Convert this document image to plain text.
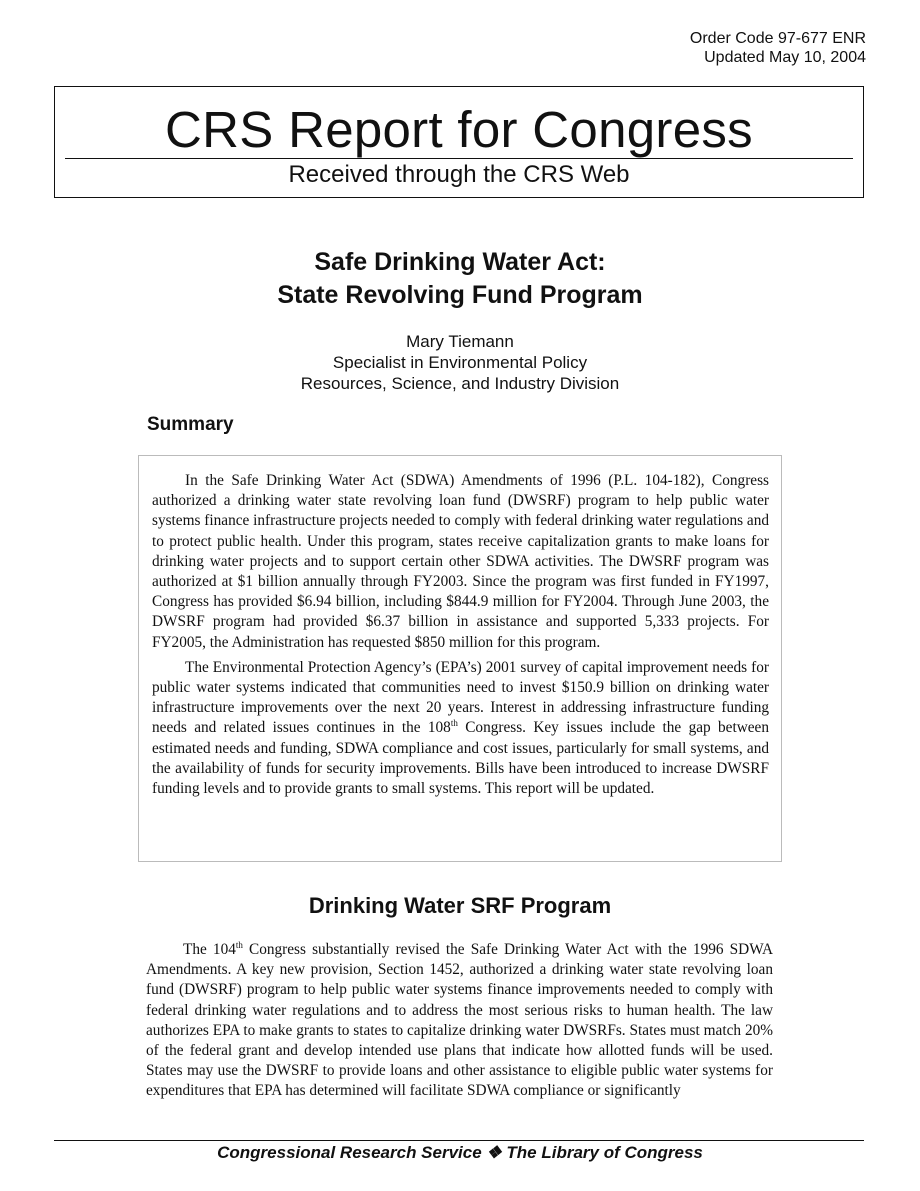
Order Code 97-677 ENR
Updated May 10, 2004
CRS Report for Congress
Received through the CRS Web
Safe Drinking Water Act:
State Revolving Fund Program
Mary Tiemann
Specialist in Environmental Policy
Resources, Science, and Industry Division
Summary

In the Safe Drinking Water Act (SDWA) Amendments of 1996 (P.L. 104-182), Congress authorized a drinking water state revolving loan fund (DWSRF) program to help public water systems finance infrastructure projects needed to comply with federal drinking water regulations and to protect public health. Under this program, states receive capitalization grants to make loans for drinking water projects and to support certain other SDWA activities. The DWSRF program was authorized at $1 billion annually through FY2003. Since the program was first funded in FY1997, Congress has provided $6.94 billion, including $844.9 million for FY2004. Through June 2003, the DWSRF program had provided $6.37 billion in assistance and supported 5,333 projects. For FY2005, the Administration has requested $850 million for this program.

The Environmental Protection Agency’s (EPA’s) 2001 survey of capital improvement needs for public water systems indicated that communities need to invest $150.9 billion on drinking water infrastructure improvements over the next 20 years. Interest in addressing infrastructure funding needs and related issues continues in the 108th Congress. Key issues include the gap between estimated needs and funding, SDWA compliance and cost issues, particularly for small systems, and the availability of funds for security improvements. Bills have been introduced to increase DWSRF funding levels and to provide grants to small systems. This report will be updated.

Drinking Water SRF Program

The 104th Congress substantially revised the Safe Drinking Water Act with the 1996 SDWA Amendments. A key new provision, Section 1452, authorized a drinking water state revolving loan fund (DWSRF) program to help public water systems finance improvements needed to comply with federal drinking water regulations and to address the most serious risks to human health. The law authorizes EPA to make grants to states to capitalize drinking water DWSRFs. States must match 20% of the federal grant and develop intended use plans that indicate how allotted funds will be used. States may use the DWSRF to provide loans and other assistance to eligible public water systems for expenditures that EPA has determined will facilitate SDWA compliance or significantly

Congressional Research Service ❖ The Library of Congress
